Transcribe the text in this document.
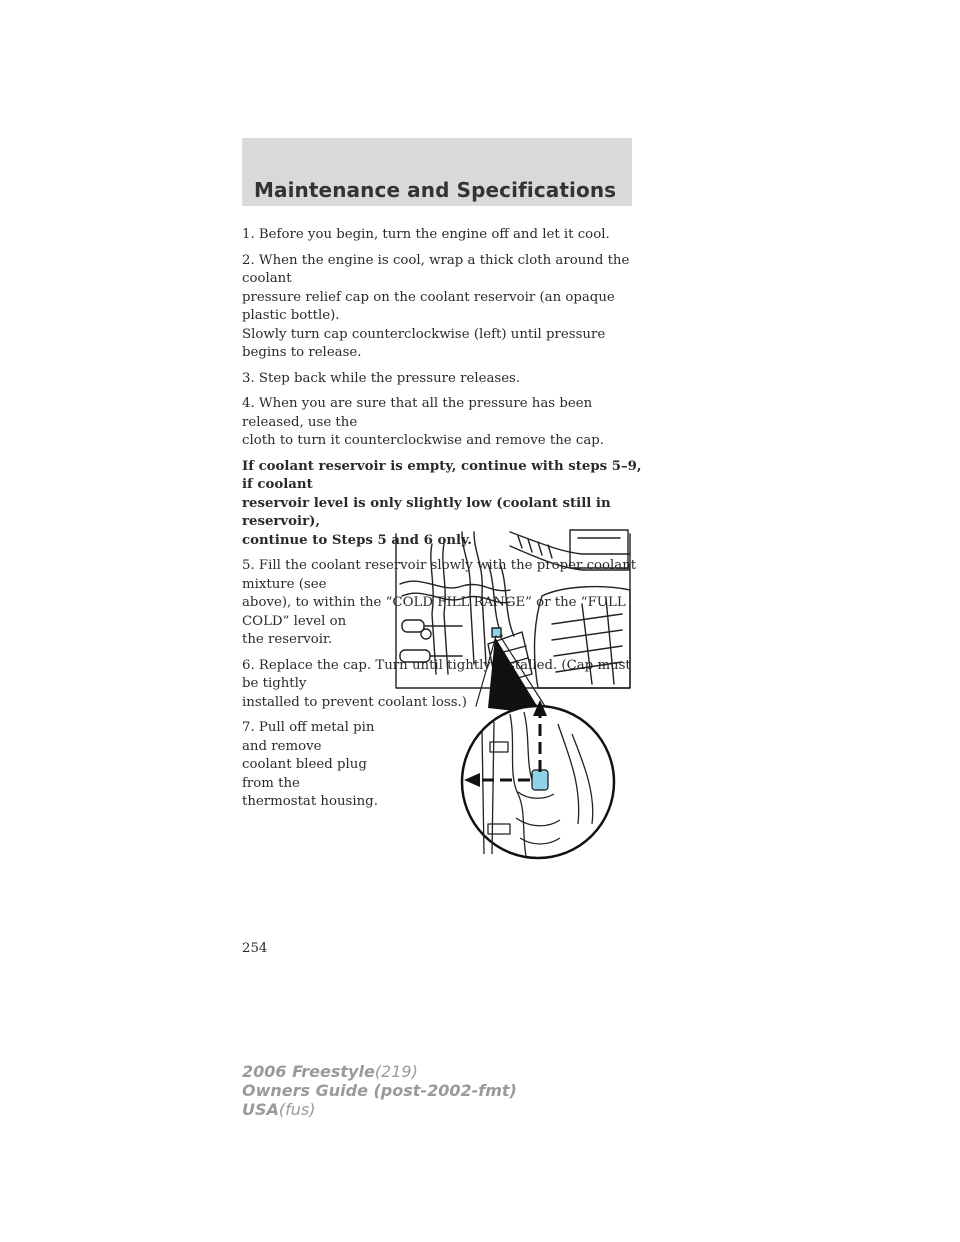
Maintenance and Specifications
1. Before you begin, turn the engine off and let it cool.
2. When the engine is cool, wrap a thick cloth around the coolant
pressure relief cap on the coolant reservoir (an opaque plastic bottle).
Slowly turn cap counterclockwise (left) until pressure begins to release.
3. Step back while the pressure releases.
4. When you are sure that all the pressure has been released, use the
cloth to turn it counterclockwise and remove the cap.
If coolant reservoir is empty, continue with steps 5–9, if coolant
reservoir level is only slightly low (coolant still in reservoir),
continue to Steps 5 and 6 only.
5. Fill the coolant reservoir slowly with the proper coolant mixture (see
above), to within the “COLD FILL RANGE” or the “FULL COLD” level on
the reservoir.
6. Replace the cap. Turn until tightly installed. (Cap must be tightly
installed to prevent coolant loss.)
7. Pull off metal pin and remove
coolant bleed plug from the
thermostat housing.
254
2006 Freestyle(219)
Owners Guide (post-2002-fmt)
USA(fus)
